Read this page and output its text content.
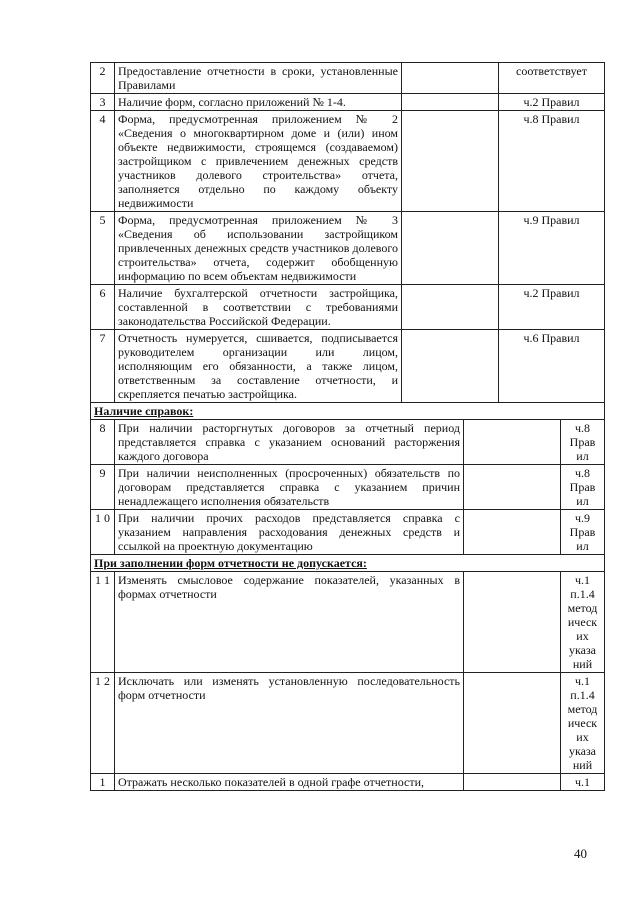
2	Предоставление отчетности в сроки, установленные Правилами			соответствует	
3	Наличие форм, согласно приложений № 1-4.			ч.2 Правил	
4	Форма, предусмотренная приложением № 2 «Сведения о многоквартирном доме и (или) ином объекте недвижимости, строящемся (создаваемом) застройщиком с привлечением денежных средств участников долевого строительства» отчета, заполняется отдельно по каждому объекту недвижимости			ч.8 Правил	
5	Форма, предусмотренная приложением № 3 «Сведения об использовании застройщиком привлеченных денежных средств участников долевого строительства» отчета, содержит обобщенную информацию по всем объектам недвижимости			ч.9 Правил	
6	Наличие бухгалтерской отчетности застройщика, составленной в соответствии с требованиями законодательства Российской Федерации.			ч.2 Правил	
7	Отчетность нумеруется, сшивается, подписывается руководителем организации или лицом, исполняющим его обязанности, а также лицом, ответственным за составление отчетности, и скрепляется печатью застройщика.			ч.6 Правил	
Наличие справок:					
8	При наличии расторгнутых договоров за отчетный период представляется справка с указанием оснований расторжения каждого договора				ч.8 Прав ил
9	При наличии неисполненных (просроченных) обязательств по договорам представляется справка с указанием причин ненадлежащего исполнения обязательств				ч.8 Прав ил
1 0	При наличии прочих расходов представляется справка с указанием направления расходования денежных средств и ссылкой на проектную документацию				ч.9 Прав ил
При заполнении форм отчетности не допускается:					
1 1	Изменять смысловое содержание показателей, указанных в формах отчетности				ч.1 п.1.4 метод ическ их указа ний
1 2	Исключать или изменять установленную последовательность форм отчетности				ч.1 п.1.4 метод ическ их указа ний
1	Отражать несколько показателей в одной графе отчетности,				ч.1
40
